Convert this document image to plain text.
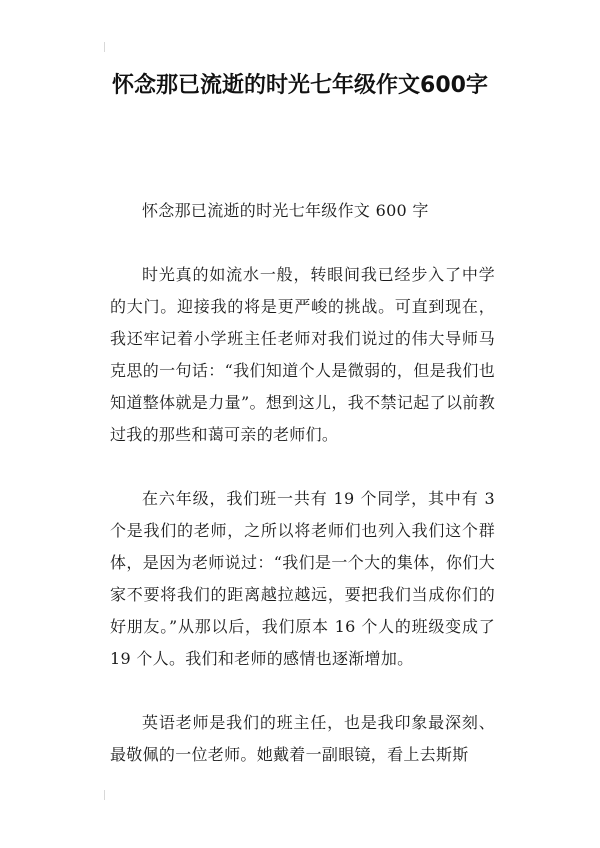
怀念那已流逝的时光七年级作文600字

怀念那已流逝的时光七年级作文 600 字

时光真的如流水一般，转眼间我已经步入了中学的大门。迎接我的将是更严峻的挑战。可直到现在，我还牢记着小学班主任老师对我们说过的伟大导师马克思的一句话：“我们知道个人是微弱的，但是我们也知道整体就是力量”。想到这儿，我不禁记起了以前教过我的那些和蔼可亲的老师们。

在六年级，我们班一共有 19 个同学，其中有 3 个是我们的老师，之所以将老师们也列入我们这个群体，是因为老师说过：“我们是一个大的集体，你们大家不要将我们的距离越拉越远，要把我们当成你们的好朋友。”从那以后，我们原本 16 个人的班级变成了 19 个人。我们和老师的感情也逐渐增加。

英语老师是我们的班主任，也是我印象最深刻、最敬佩的一位老师。她戴着一副眼镜，看上去斯斯
